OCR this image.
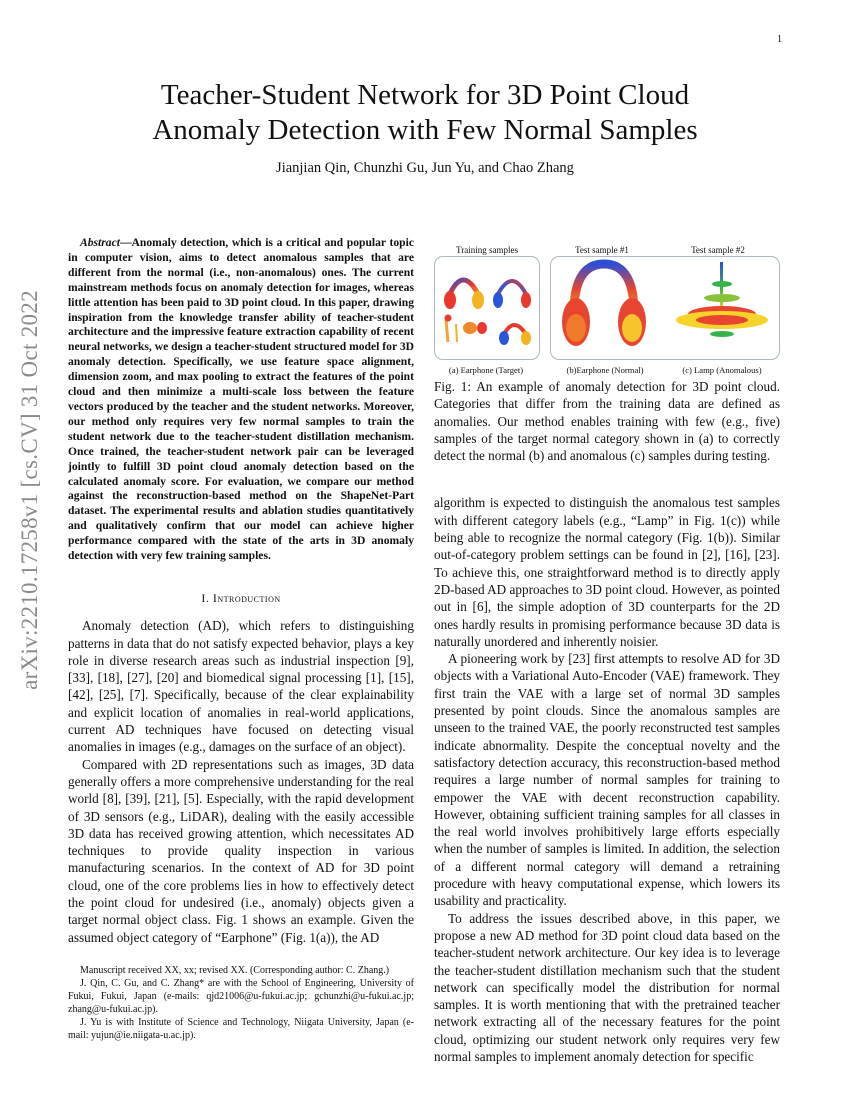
1
arXiv:2210.17258v1 [cs.CV] 31 Oct 2022
Teacher-Student Network for 3D Point Cloud
Anomaly Detection with Few Normal Samples
Jianjian Qin, Chunzhi Gu, Jun Yu, and Chao Zhang

Abstract—Anomaly detection, which is a critical and popular topic in computer vision, aims to detect anomalous samples that are different from the normal (i.e., non-anomalous) ones. The current mainstream methods focus on anomaly detection for images, whereas little attention has been paid to 3D point cloud. In this paper, drawing inspiration from the knowledge transfer ability of teacher-student architecture and the impressive feature extraction capability of recent neural networks, we design a teacher-student structured model for 3D anomaly detection. Specifically, we use feature space alignment, dimension zoom, and max pooling to extract the features of the point cloud and then minimize a multi-scale loss between the feature vectors produced by the teacher and the student networks. Moreover, our method only requires very few normal samples to train the student network due to the teacher-student distillation mechanism. Once trained, the teacher-student network pair can be leveraged jointly to fulfill 3D point cloud anomaly detection based on the calculated anomaly score. For evaluation, we compare our method against the reconstruction-based method on the ShapeNet-Part dataset. The experimental results and ablation studies quantitatively and qualitatively confirm that our model can achieve higher performance compared with the state of the arts in 3D anomaly detection with very few training samples.

I. Introduction

Anomaly detection (AD), which refers to distinguishing patterns in data that do not satisfy expected behavior, plays a key role in diverse research areas such as industrial inspection [9], [33], [18], [27], [20] and biomedical signal processing [1], [15], [42], [25], [7]. Specifically, because of the clear explainability and explicit location of anomalies in real-world applications, current AD techniques have focused on detecting visual anomalies in images (e.g., damages on the surface of an object).

Compared with 2D representations such as images, 3D data generally offers a more comprehensive understanding for the real world [8], [39], [21], [5]. Especially, with the rapid development of 3D sensors (e.g., LiDAR), dealing with the easily accessible 3D data has received growing attention, which necessitates AD techniques to provide quality inspection in various manufacturing scenarios. In the context of AD for 3D point cloud, one of the core problems lies in how to effectively detect the point cloud for undesired (i.e., anomaly) objects given a target normal object class. Fig. 1 shows an example. Given the assumed object category of “Earphone” (Fig. 1(a)), the AD

Manuscript received XX, xx; revised XX. (Corresponding author: C. Zhang.)

J. Qin, C. Gu, and C. Zhang* are with the School of Engineering, University of Fukui, Fukui, Japan (e-mails: qjd21006@u-fukui.ac.jp; gchunzhi@u-fukui.ac.jp; zhang@u-fukui.ac.jp).

J. Yu is with Institute of Science and Technology, Niigata University, Japan (e-mail: yujun@ie.niigata-u.ac.jp).

Training samples	Test sample #1	Test sample #2
(a) Earphone (Target)	(b)Earphone (Normal)	(c) Lamp (Anomalous)

Fig. 1: An example of anomaly detection for 3D point cloud. Categories that differ from the training data are defined as anomalies. Our method enables training with few (e.g., five) samples of the target normal category shown in (a) to correctly detect the normal (b) and anomalous (c) samples during testing.

algorithm is expected to distinguish the anomalous test samples with different category labels (e.g., “Lamp” in Fig. 1(c)) while being able to recognize the normal category (Fig. 1(b)). Similar out-of-category problem settings can be found in [2], [16], [23]. To achieve this, one straightforward method is to directly apply 2D-based AD approaches to 3D point cloud. However, as pointed out in [6], the simple adoption of 3D counterparts for the 2D ones hardly results in promising performance because 3D data is naturally unordered and inherently noisier.

A pioneering work by [23] first attempts to resolve AD for 3D objects with a Variational Auto-Encoder (VAE) framework. They first train the VAE with a large set of normal 3D samples presented by point clouds. Since the anomalous samples are unseen to the trained VAE, the poorly reconstructed test samples indicate abnormality. Despite the conceptual novelty and the satisfactory detection accuracy, this reconstruction-based method requires a large number of normal samples for training to empower the VAE with decent reconstruction capability. However, obtaining sufficient training samples for all classes in the real world involves prohibitively large efforts especially when the number of samples is limited. In addition, the selection of a different normal category will demand a retraining procedure with heavy computational expense, which lowers its usability and practicality.

To address the issues described above, in this paper, we propose a new AD method for 3D point cloud data based on the teacher-student network architecture. Our key idea is to leverage the teacher-student distillation mechanism such that the student network can specifically model the distribution for normal samples. It is worth mentioning that with the pretrained teacher network extracting all of the necessary features for the point cloud, optimizing our student network only requires very few normal samples to implement anomaly detection for specific
